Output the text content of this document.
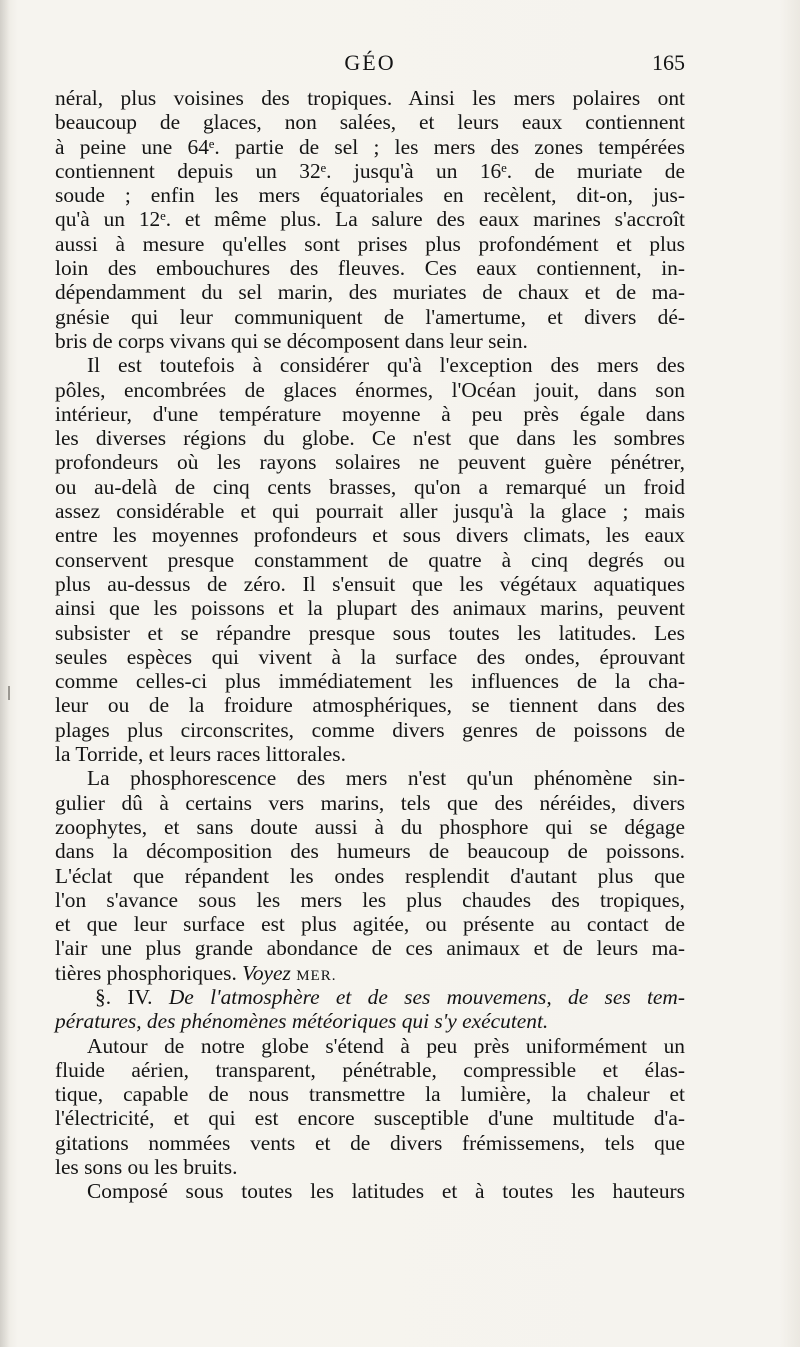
GÉO	165
néral, plus voisines des tropiques. Ainsi les mers polaires ont
beaucoup de glaces, non salées, et leurs eaux contiennent
à peine une 64ᵉ. partie de sel ; les mers des zones tempérées
contiennent depuis un 32ᵉ. jusqu'à un 16ᵉ. de muriate de
soude ; enfin les mers équatoriales en recèlent, dit-on, jus-
qu'à un 12ᵉ. et même plus. La salure des eaux marines s'accroît
aussi à mesure qu'elles sont prises plus profondément et plus
loin des embouchures des fleuves. Ces eaux contiennent, in-
dépendamment du sel marin, des muriates de chaux et de ma-
gnésie qui leur communiquent de l'amertume, et divers dé-
bris de corps vivans qui se décomposent dans leur sein.
Il est toutefois à considérer qu'à l'exception des mers des
pôles, encombrées de glaces énormes, l'Océan jouit, dans son
intérieur, d'une température moyenne à peu près égale dans
les diverses régions du globe. Ce n'est que dans les sombres
profondeurs où les rayons solaires ne peuvent guère pénétrer,
ou au-delà de cinq cents brasses, qu'on a remarqué un froid
assez considérable et qui pourrait aller jusqu'à la glace ; mais
entre les moyennes profondeurs et sous divers climats, les eaux
conservent presque constamment de quatre à cinq degrés ou
plus au-dessus de zéro. Il s'ensuit que les végétaux aquatiques
ainsi que les poissons et la plupart des animaux marins, peuvent
subsister et se répandre presque sous toutes les latitudes. Les
seules espèces qui vivent à la surface des ondes, éprouvant
comme celles-ci plus immédiatement les influences de la cha-
leur ou de la froidure atmosphériques, se tiennent dans des
plages plus circonscrites, comme divers genres de poissons de
la Torride, et leurs races littorales.
La phosphorescence des mers n'est qu'un phénomène sin-
gulier dû à certains vers marins, tels que des néréides, divers
zoophytes, et sans doute aussi à du phosphore qui se dégage
dans la décomposition des humeurs de beaucoup de poissons.
L'éclat que répandent les ondes resplendit d'autant plus que
l'on s'avance sous les mers les plus chaudes des tropiques,
et que leur surface est plus agitée, ou présente au contact de
l'air une plus grande abondance de ces animaux et de leurs ma-
tières phosphoriques. Voyez MER.
§. IV. De l'atmosphère et de ses mouvemens, de ses tem-
pératures, des phénomènes météoriques qui s'y exécutent.
Autour de notre globe s'étend à peu près uniformément un
fluide aérien, transparent, pénétrable, compressible et élas-
tique, capable de nous transmettre la lumière, la chaleur et
l'électricité, et qui est encore susceptible d'une multitude d'a-
gitations nommées vents et de divers frémissemens, tels que
les sons ou les bruits.
Composé sous toutes les latitudes et à toutes les hauteurs
